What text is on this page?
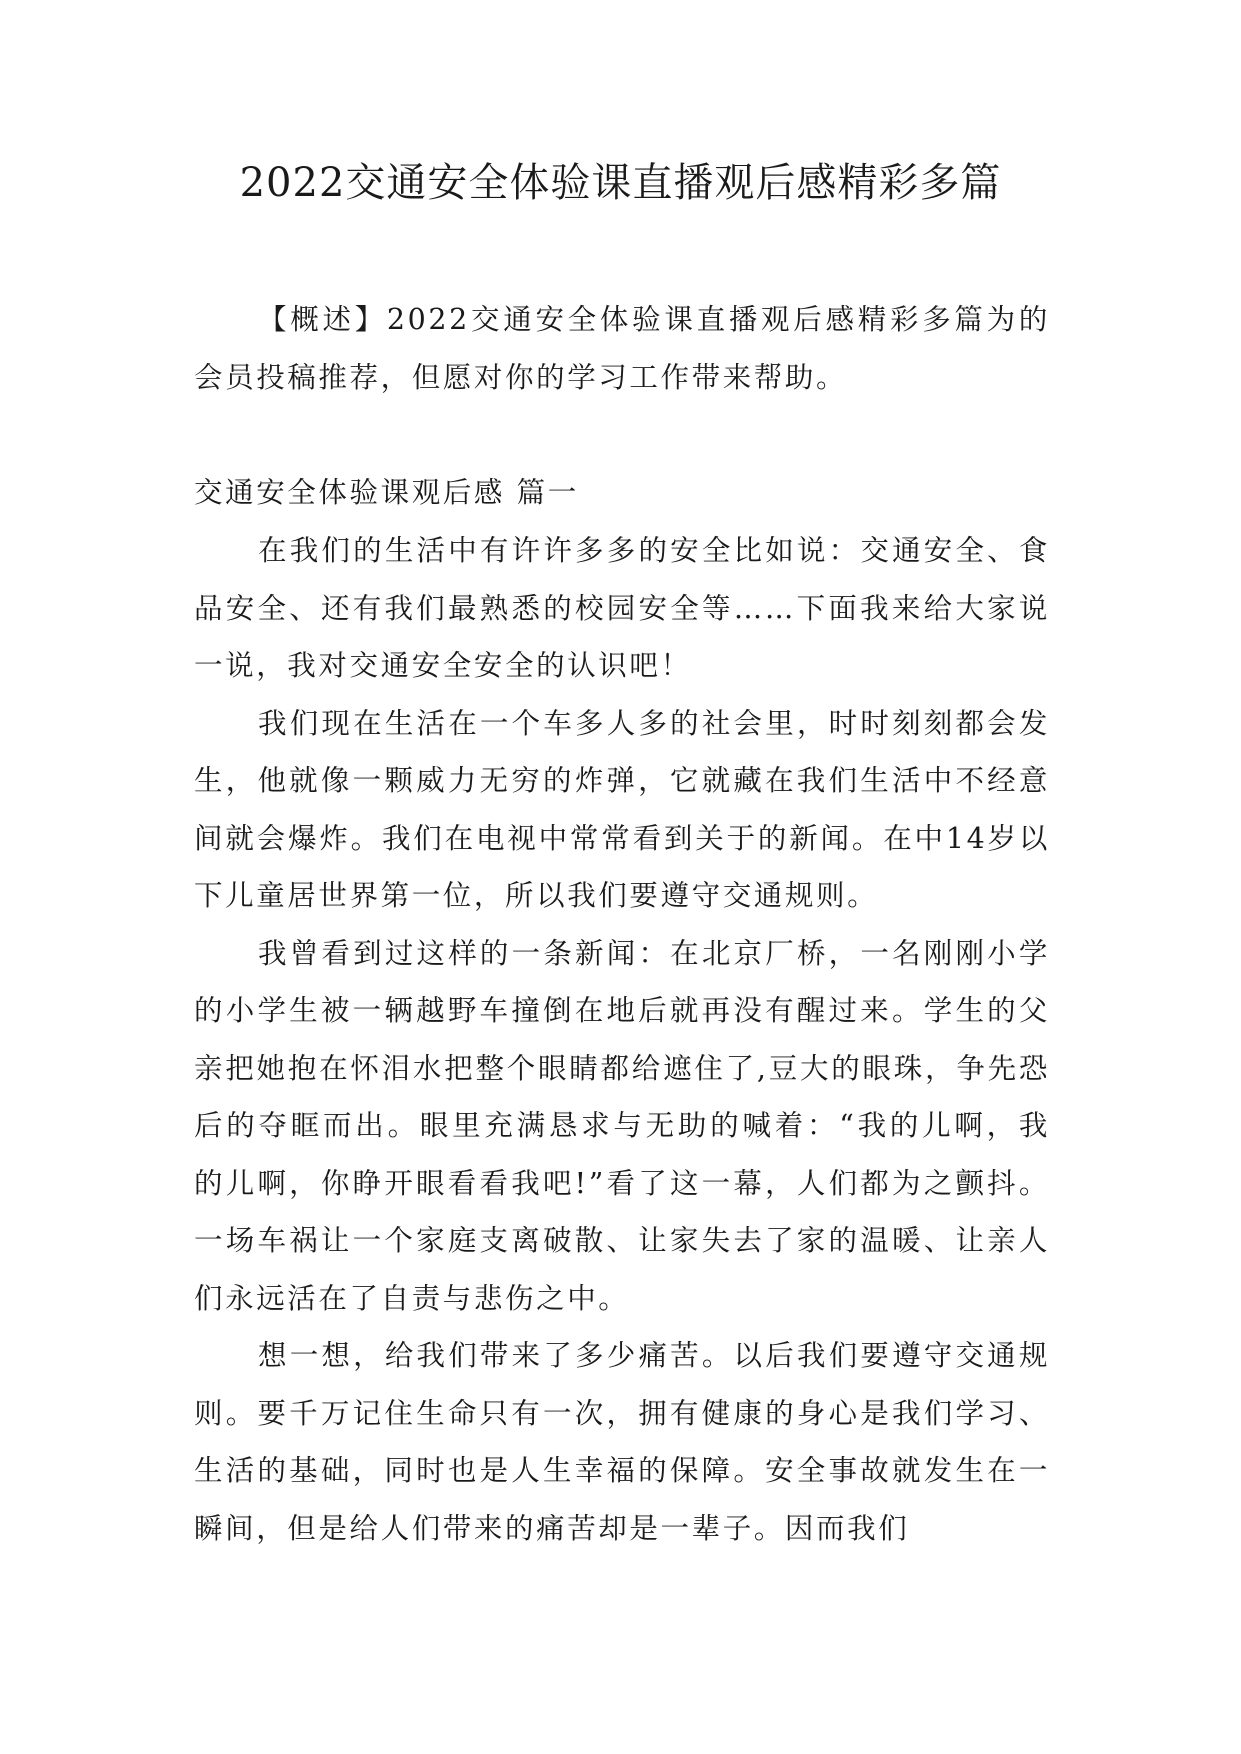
2022交通安全体验课直播观后感精彩多篇

【概述】2022交通安全体验课直播观后感精彩多篇为的会员投稿推荐，但愿对你的学习工作带来帮助。

交通安全体验课观后感 篇一

在我们的生活中有许许多多的安全比如说：交通安全、食品安全、还有我们最熟悉的校园安全等……下面我来给大家说一说，我对交通安全安全的认识吧！

我们现在生活在一个车多人多的社会里，时时刻刻都会发生，他就像一颗威力无穷的炸弹，它就藏在我们生活中不经意间就会爆炸。我们在电视中常常看到关于的新闻。在中14岁以下儿童居世界第一位，所以我们要遵守交通规则。

我曾看到过这样的一条新闻：在北京厂桥，一名刚刚小学的小学生被一辆越野车撞倒在地后就再没有醒过来。学生的父亲把她抱在怀泪水把整个眼睛都给遮住了,豆大的眼珠，争先恐后的夺眶而出。眼里充满恳求与无助的喊着：“我的儿啊，我的儿啊，你睁开眼看看我吧!”看了这一幕，人们都为之颤抖。一场车祸让一个家庭支离破散、让家失去了家的温暖、让亲人们永远活在了自责与悲伤之中。

想一想，给我们带来了多少痛苦。以后我们要遵守交通规则。要千万记住生命只有一次，拥有健康的身心是我们学习、生活的基础，同时也是人生幸福的保障。安全事故就发生在一瞬间，但是给人们带来的痛苦却是一辈子。因而我们
